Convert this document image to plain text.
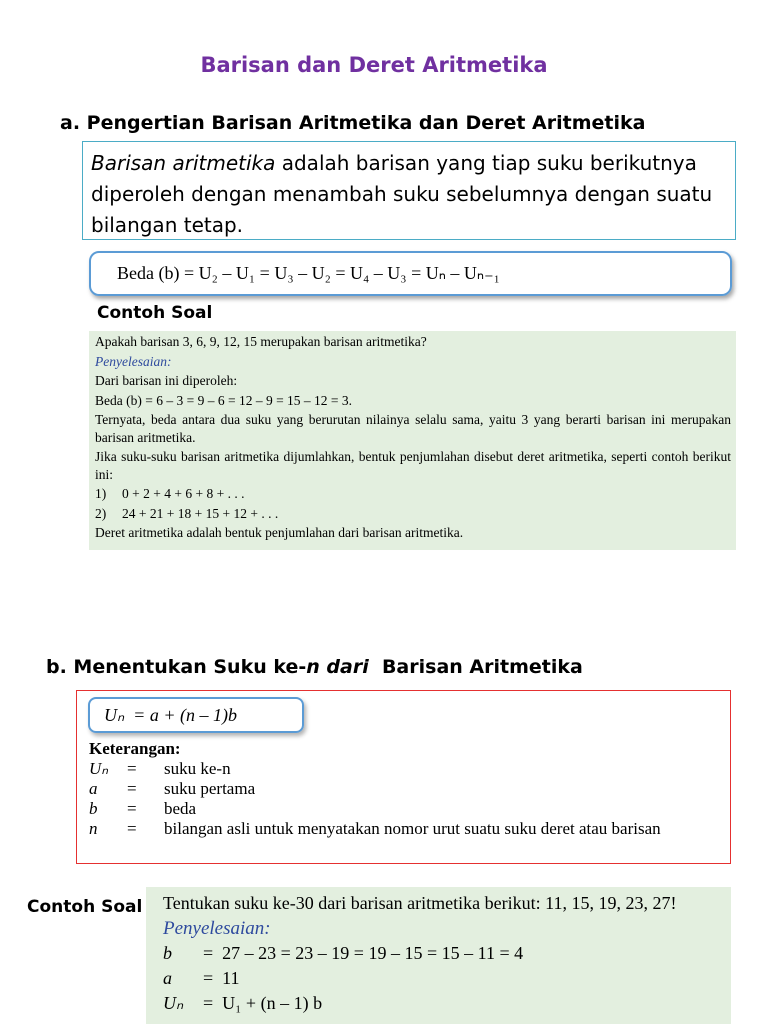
Barisan dan Deret Aritmetika
a. Pengertian Barisan Aritmetika dan Deret Aritmetika
Barisan aritmetika adalah barisan yang tiap suku berikutnya diperoleh dengan menambah suku sebelumnya dengan suatu bilangan tetap.
Beda (b) = U₂ – U₁ = U₃ – U₂ = U₄ – U₃ = Uₙ – Uₙ₋₁
Contoh Soal

Apakah barisan 3, 6, 9, 12, 15 merupakan barisan aritmetika?

Penyelesaian:

Dari barisan ini diperoleh:

Beda (b) = 6 – 3 = 9 – 6 = 12 – 9 = 15 – 12 = 3.

Ternyata, beda antara dua suku yang berurutan nilainya selalu sama, yaitu 3 yang berarti barisan ini merupakan barisan aritmetika.

Jika suku-suku barisan aritmetika dijumlahkan, bentuk penjumlahan disebut deret aritmetika, seperti contoh berikut ini:

1) 0 + 2 + 4 + 6 + 8 + . . .

2) 24 + 21 + 18 + 15 + 12 + . . .

Deret aritmetika adalah bentuk penjumlahan dari barisan aritmetika.

b. Menentukan Suku ke-n dari  Barisan Aritmetika
Uₙ  = a + (n – 1)b
Keterangan:
Uₙ	=	suku ke-n
a	=	suku pertama
b	=	beda
n	=	bilangan asli untuk menyatakan nomor urut suatu suku deret atau barisan
Contoh Soal Tentukan suku ke-30 dari barisan aritmetika berikut: 11, 15, 19, 23, 27!
Penyelesaian:
b	=  27 – 23 = 23 – 19 = 19 – 15 = 15 – 11 = 4
a	=  11
Uₙ	=  U₁ + (n – 1) b
